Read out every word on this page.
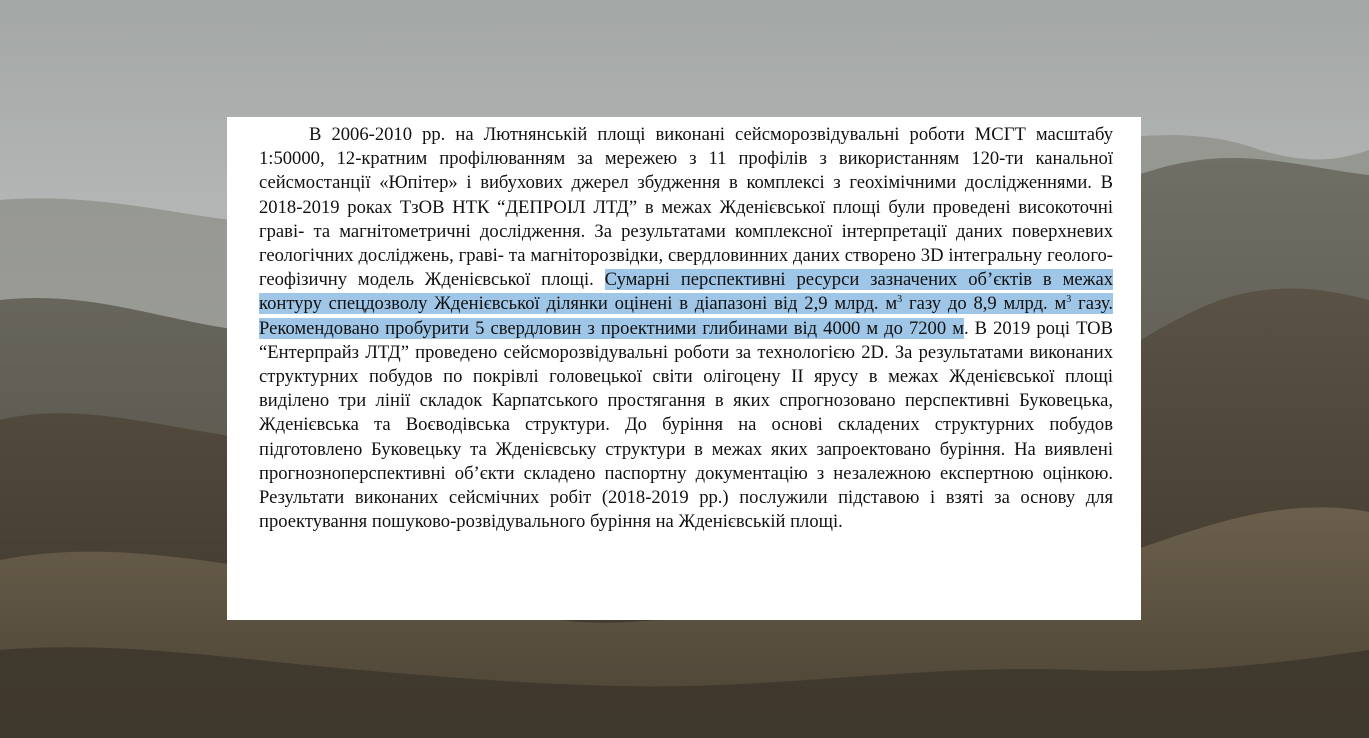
В 2006-2010 рр. на Лютнянській площі виконані сейсморозвідувальні роботи МСГТ масштабу 1:50000, 12-кратним профілюванням за мережею з 11 профілів з використанням 120-ти канальної сейсмостанції «Юпітер» і вибухових джерел збудження в комплексі з геохімічними дослідженнями. В 2018-2019 роках ТзОВ НТК “ДЕПРОІЛ ЛТД” в межах Жденієвської площі були проведені високоточні граві- та магнітометричні дослідження. За результатами комплексної інтерпретації даних поверхневих геологічних досліджень, граві- та магніторозвідки, свердловинних даних створено 3D інтегральну геолого-геофізичну модель Жденієвської площі. Сумарні перспективні ресурси зазначених об’єктів в межах контуру спецдозволу Жденієвської ділянки оцінені в діапазоні від 2,9 млрд. $м^3$ газу до 8,9 млрд. $м^3$ газу. Рекомендовано пробурити 5 свердловин з проектними глибинами від 4000 м до 7200 м. В 2019 році ТОВ “Ентерпрайз ЛТД” проведено сейсморозвідувальні роботи за технологією 2D. За результатами виконаних структурних побудов по покрівлі головецької світи олігоцену ІІ ярусу в межах Жденієвської площі виділено три лінії складок Карпатського простягання в яких спрогнозовано перспективні Буковецька, Жденієвська та Воєводівська структури. До буріння на основі складених структурних побудов підготовлено Буковецьку та Жденієвську структури в межах яких запроектовано буріння. На виявлені прогнозноперспективні об’єкти складено паспортну документацію з незалежною експертною оцінкою. Результати виконаних сейсмічних робіт (2018-2019 рр.) послужили підставою і взяті за основу для проектування пошуково-розвідувального буріння на Жденієвській площі.
